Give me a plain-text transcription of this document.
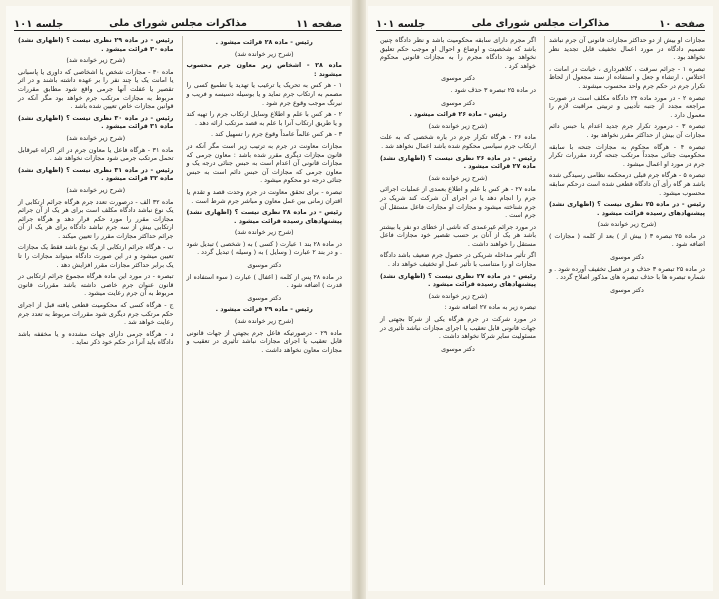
صفحه ۱۱
مذاکرات مجلس شورای ملی
جلسه ۱۰۱
رئیس - ماده ۲۸ قرائت میشود .
(شرح زیر خوانده شد)
ماده ۲۸ - اشخاص زیر معاون جرم محسوب میشوند :
۱ - هر کس به تحریک یا ترغیب یا تهدید یا تطمیع کسی را مصمم به ارتکاب جرم نماید و یا بوسیله دسیسه و فریب و نیرنگ موجب وقوع جرم شود .
۲ - هر کس با علم و اطلاع وسایل ارتکاب جرم را تهیه کند و یا طریق ارتکاب آنرا با علم به قصد مرتکب ارائه دهد .
۳ - هر کس عالماً عامداً وقوع جرم را تسهیل کند .
مجازات معاونت در جرم به ترتیب زیر است مگر آنکه در قانون مجازات دیگری مقرر شده باشد : معاون جرمی که مجازات قانونی آن اعدام است به حبس جنائی درجه یک و معاون جرمی که مجازات آن حبس دائم است به حبس جنائی درجه دو محکوم میشود .
تبصره - برای تحقق معاونت در جرم وحدت قصد و تقدم یا اقتران زمانی بین عمل معاون و مباشر جرم شرط است .
رئیس - در ماده ۲۸ نظری نیست ؟ (اظهاری نشد) پیشنهادهای رسیده قرائت میشود .
(شرح زیر خوانده شد)
در ماده ۲۸ بند ۱ عبارت ( کسی ) به ( شخصی ) تبدیل شود . و در بند ۲ عبارت ( وسایل ) به ( وسیله ) تبدیل گردد .
دکتر موسوی
در ماده ۲۸ پس از کلمه ( اغفال ) عبارت ( سوء استفاده از قدرت ) اضافه شود .
دکتر موسوی
رئیس - ماده ۲۹ قرائت میشود .
(شرح زیر خوانده شد)
ماده ۲۹ - درصورتیکه فاعل جرم بجهتی از جهات قانونی قابل تعقیب یا اجرای مجازات نباشد تأثیری در تعقیب و مجازات معاون نخواهد داشت .
رئیس - در ماده ۲۹ نظری نیست ؟ (اظهاری نشد) ماده ۳۰ قرائت میشود .
(شرح زیر خوانده شد)
ماده ۳۰ - مجازات شخص یا اشخاصی که داوری یا پاسبانی یا امانت یک یا چند نفر را بر عهده داشته باشند و در اثر تقصیر یا غفلت آنها جرمی واقع شود مطابق مقررات مربوط به مجازات مرتکب جرم خواهد بود مگر آنکه در قوانین مجازات خاص تعیین شده باشد .
رئیس - در ماده ۳۰ نظری نیست ؟ (اظهاری نشد) ماده ۳۱ قرائت میشود .
(شرح زیر خوانده شد)
ماده ۳۱ - هرگاه فاعل یا معاون جرم در اثر اکراه غیرقابل تحمل مرتکب جرمی شود مجازات نخواهد شد .
رئیس - در ماده ۳۱ نظری نیست ؟ (اظهاری نشد) ماده ۳۲ قرائت میشود .
(شرح زیر خوانده شد)
ماده ۳۲ الف - درصورت تعدد جرم هرگاه جرائم ارتکابی از یک نوع نباشد دادگاه مکلف است برای هر یک از آن جرائم مجازات مقرر را مورد حکم قرار دهد و هرگاه جرائم ارتکابی بیش از سه جرم نباشد دادگاه برای هر یک از آن جرائم حداکثر مجازات مقرر را تعیین میکند .
ب - هرگاه جرائم ارتکابی از یک نوع باشد فقط یک مجازات تعیین میشود و در این صورت دادگاه میتواند مجازات را تا یک برابر حداکثر مجازات مقرر افزایش دهد .
تبصره - در مورد این ماده هرگاه مجموع جرائم ارتکابی در قانون عنوان جرم خاصی داشته باشد مقررات قانون مربوط به آن جرم رعایت میشود .
ج - هرگاه کسی که محکومیت قطعی یافته قبل از اجرای حکم مرتکب جرم دیگری شود مقررات مربوط به تعدد جرم رعایت خواهد شد .
د - هرگاه جرمی دارای جهات مشدده و یا مخففه باشد دادگاه باید آنرا در حکم خود ذکر نماید .
صفحه ۱۰
مذاکرات مجلس شورای ملی
جلسه ۱۰۱
مجازات او بیش از دو حداکثر مجازات قانونی آن جرم نباشد تصمیم دادگاه در مورد اعمال تخفیف قابل تجدید نظر نخواهد بود .
تبصره ۱ - جرائم سرقت ، کلاهبرداری ، خیانت در امانت ، اختلاس ، ارتشاء و جعل و استفاده از سند مجعول از لحاظ تکرار جرم در حکم جرم واحد محسوب میشوند .
تبصره ۲ - در مورد ماده ۲۴ دادگاه مکلف است در صورت مراجعه مجدد از جنبه تأدیبی و تربیتی مراقبت لازم را معمول دارد .
تبصره ۳ - درمورد تکرار جرم جدید اعدام یا حبس دائم مجازات آن بیش از حداکثر مقرر نخواهد بود .
تبصره ۴ - هرگاه محکوم به مجازات جنحه با سابقه محکومیت جنائی مجدداً مرتکب جنحه گردد مقررات تکرار جرم در مورد او اعمال میشود .
تبصره ۵ - هرگاه جرم قبلی درمحکمه نظامی رسیدگی شده باشد هر گاه رأی آن دادگاه قطعی شده است درحکم سابقه محسوب میشود .
رئیس - در ماده ۲۵ نظری نیست ؟ (اظهاری نشد) پیشنهادهای رسیده قرائت میشود .
(شرح زیر خوانده شد)
در ماده ۲۵ تبصره ۳ ( بیش از ) بعد از کلمه ( مجازات ) اضافه شود .
دکتر موسوی
در ماده ۲۵ تبصره ۳ حذف و در فصل تخفیف آورده شود . و شماره تبصره ها با حذف تبصره های مذکور اصلاح گردد .
دکتر موسوی
اگر مجرم دارای سابقه محکومیت باشد و نظر دادگاه چنین باشد که شخصیت و اوضاع و احوال او موجب حکم تعلیق نخواهد بود دادگاه مجرم را به مجازات قانونی محکوم خواهد کرد .
دکتر موسوی
در ماده ۲۵ تبصره ۳ حذف شود .
دکتر موسوی
رئیس - ماده ۲۶ قرائت میشود .
(شرح زیر خوانده شد)
ماده ۲۶ - هرگاه تکرار جرم در باره شخصی که به علت ارتکاب جرم سیاسی محکوم شده باشد اعمال نخواهد شد .
رئیس - در ماده ۲۶ نظری نیست ؟ (اظهاری نشد) ماده ۲۷ قرائت میشود .
(شرح زیر خوانده شد)
ماده ۲۷ - هر کس با علم و اطلاع بعمدی از عملیات اجرائی جرم را انجام دهد یا در اجرای آن شرکت کند شریک در جرم شناخته میشود و مجازات او مجازات فاعل مستقل آن جرم است .
در مورد جرائم غیرعمدی که ناشی از خطای دو نفر یا بیشتر باشد هر یک از آنان بر حسب تقصیر خود مجازات فاعل مستقل را خواهند داشت .
اگر تأثیر مداخله شریکی در حصول جرم ضعیف باشد دادگاه مجازات او را متناسب با تأثیر عمل او تخفیف خواهد داد .
رئیس - در ماده ۲۷ نظری نیست ؟ (اظهاری نشد) پیشنهادهای رسیده قرائت میشود .
(شرح زیر خوانده شد)
تبصره زیر به ماده ۲۷ اضافه شود :
در مورد شرکت در جرم هرگاه یکی از شرکا بجهتی از جهات قانونی قابل تعقیب یا اجرای مجازات نباشد تأثیری در مسئولیت سایر شرکا نخواهد داشت .
دکتر موسوی
